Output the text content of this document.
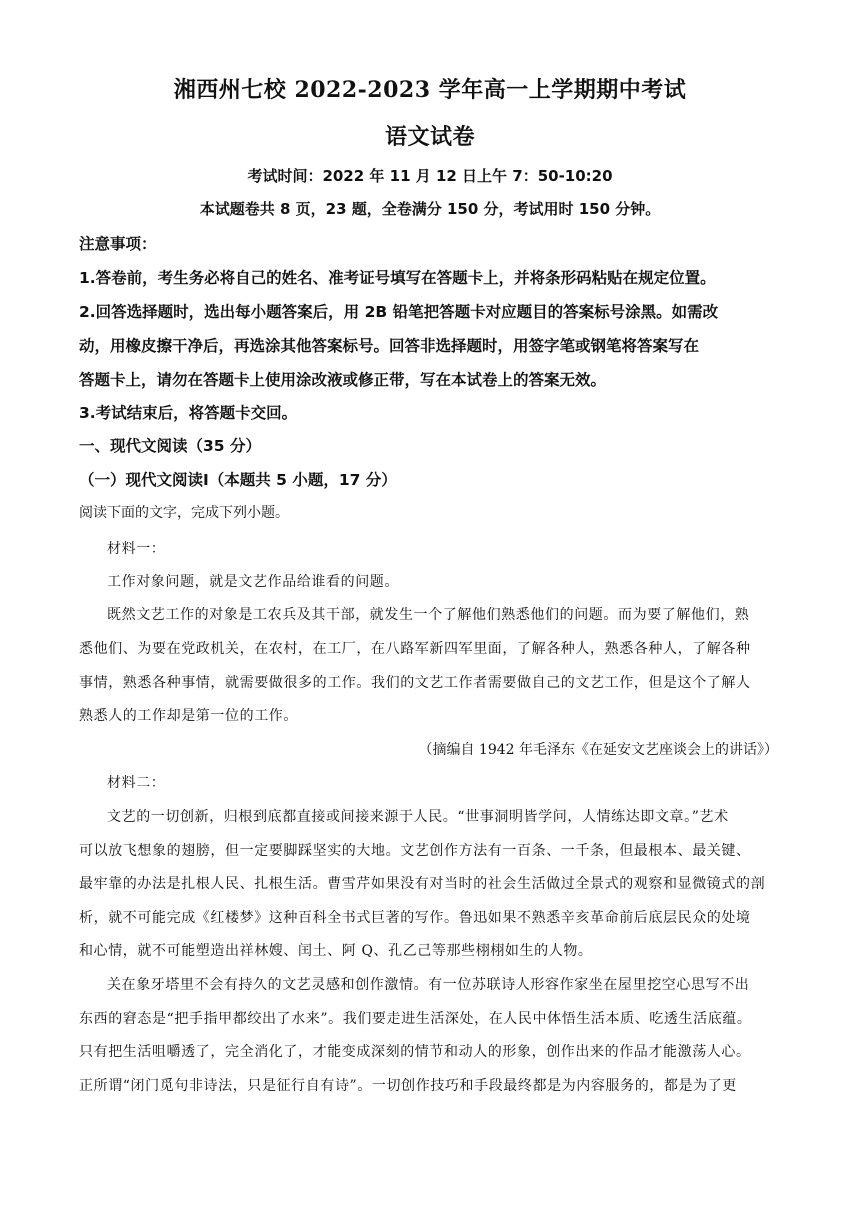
湘西州七校 2022-2023 学年高一上学期期中考试
语文试卷
考试时间：2022 年 11 月 12 日上午 7：50-10:20
本试题卷共 8 页，23 题，全卷满分 150 分，考试用时 150 分钟。
注意事项：
1.答卷前，考生务必将自己的姓名、准考证号填写在答题卡上，并将条形码粘贴在规定位置。
2.回答选择题时，选出每小题答案后，用 2B 铅笔把答题卡对应题目的答案标号涂黑。如需改
动，用橡皮擦干净后，再选涂其他答案标号。回答非选择题时，用签字笔或钢笔将答案写在
答题卡上，请勿在答题卡上使用涂改液或修正带，写在本试卷上的答案无效。
3.考试结束后，将答题卡交回。
一、现代文阅读（35 分）
（一）现代文阅读Ⅰ（本题共 5 小题，17 分）
阅读下面的文字，完成下列小题。
材料一：
工作对象问题，就是文艺作品给谁看的问题。
既然文艺工作的对象是工农兵及其干部，就发生一个了解他们熟悉他们的问题。而为要了解他们，熟
悉他们、为要在党政机关，在农村，在工厂，在八路军新四军里面，了解各种人，熟悉各种人，了解各种
事情，熟悉各种事情，就需要做很多的工作。我们的文艺工作者需要做自己的文艺工作，但是这个了解人
熟悉人的工作却是第一位的工作。
（摘编自 1942 年毛泽东《在延安文艺座谈会上的讲话》）
材料二：
文艺的一切创新，归根到底都直接或间接来源于人民。“世事洞明皆学问，人情练达即文章。”艺术
可以放飞想象的翅膀，但一定要脚踩坚实的大地。文艺创作方法有一百条、一千条，但最根本、最关键、
最牢靠的办法是扎根人民、扎根生活。曹雪芹如果没有对当时的社会生活做过全景式的观察和显微镜式的剖
析，就不可能完成《红楼梦》这种百科全书式巨著的写作。鲁迅如果不熟悉辛亥革命前后底层民众的处境
和心情，就不可能塑造出祥林嫂、闰土、阿 Q、孔乙己等那些栩栩如生的人物。
关在象牙塔里不会有持久的文艺灵感和创作激情。有一位苏联诗人形容作家坐在屋里挖空心思写不出
东西的窘态是“把手指甲都绞出了水来”。我们要走进生活深处，在人民中体悟生活本质、吃透生活底蕴。
只有把生活咀嚼透了，完全消化了，才能变成深刻的情节和动人的形象，创作出来的作品才能激荡人心。
正所谓“闭门觅句非诗法，只是征行自有诗”。一切创作技巧和手段最终都是为内容服务的，都是为了更
